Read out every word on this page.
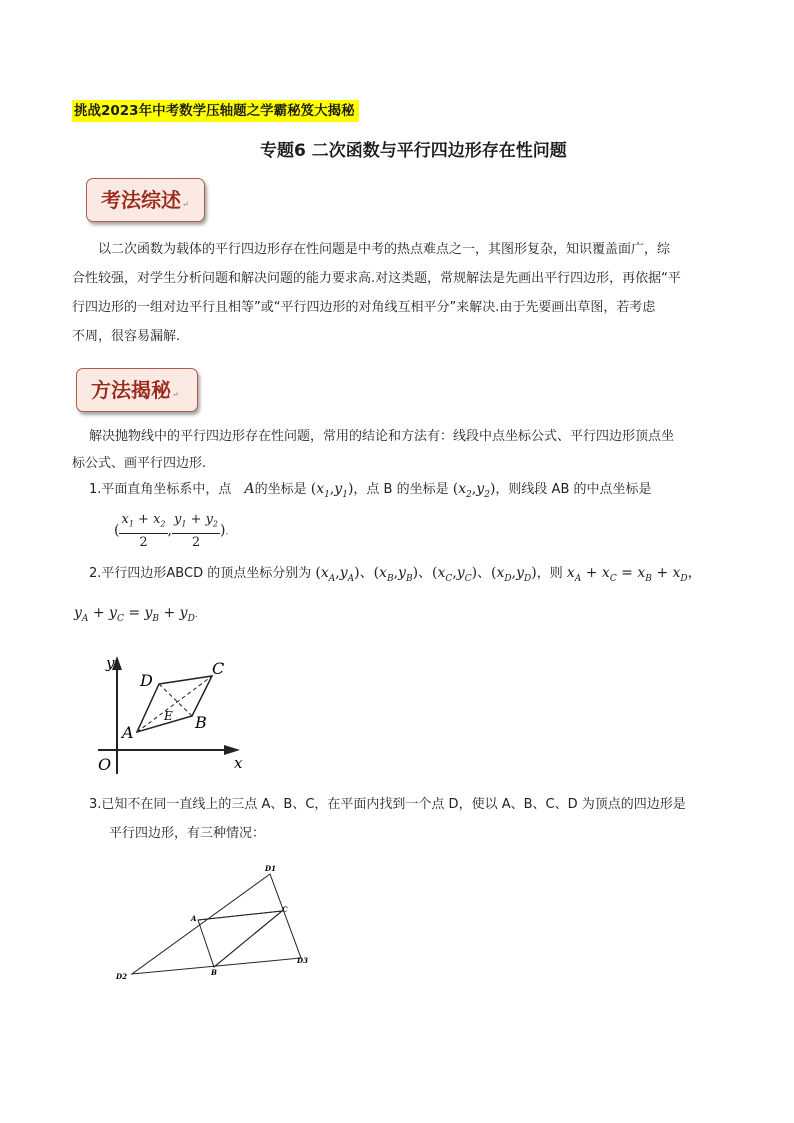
挑战2023年中考数学压轴题之学霸秘笈大揭秘
专题6 二次函数与平行四边形存在性问题
考法综述↵
以二次函数为载体的平行四边形存在性问题是中考的热点难点之一，其图形复杂，知识覆盖面广，综
合性较强，对学生分析问题和解决问题的能力要求高.对这类题，常规解法是先画出平行四边形，再依据“平
行四边形的一组对边平行且相等”或“平行四边形的对角线互相平分”来解决.由于先要画出草图，若考虑
不周，很容易漏解.
方法揭秘↵
解决抛物线中的平行四边形存在性问题，常用的结论和方法有：线段中点坐标公式、平行四边形顶点坐
标公式、画平行四边形.
1.平面直角坐标系中，点   A的坐标是 $(x_1,y_1)$，点 B 的坐标是 $(x_2,y_2)$，则线段 AB 的中点坐标是
( $\frac{x_1 + x_2}{2}$ , $\frac{y_1 + y_2}{2}$ ).
2.平行四边形ABCD 的顶点坐标分别为 $(x_A,y_A)$、$(x_B,y_B)$、$(x_C,y_C)$、$(x_D,y_D)$，则 $x_A + x_C = x_B + x_D$，
$y_A + y_C = y_B + y_D$.
y
x
O
D
C
B
A
E
3.已知不在同一直线上的三点 A、B、C，在平面内找到一个点 D，使以 A、B、C、D 为顶点的四边形是
平行四边形，有三种情况：
D1
D2
D3
A
B
C
